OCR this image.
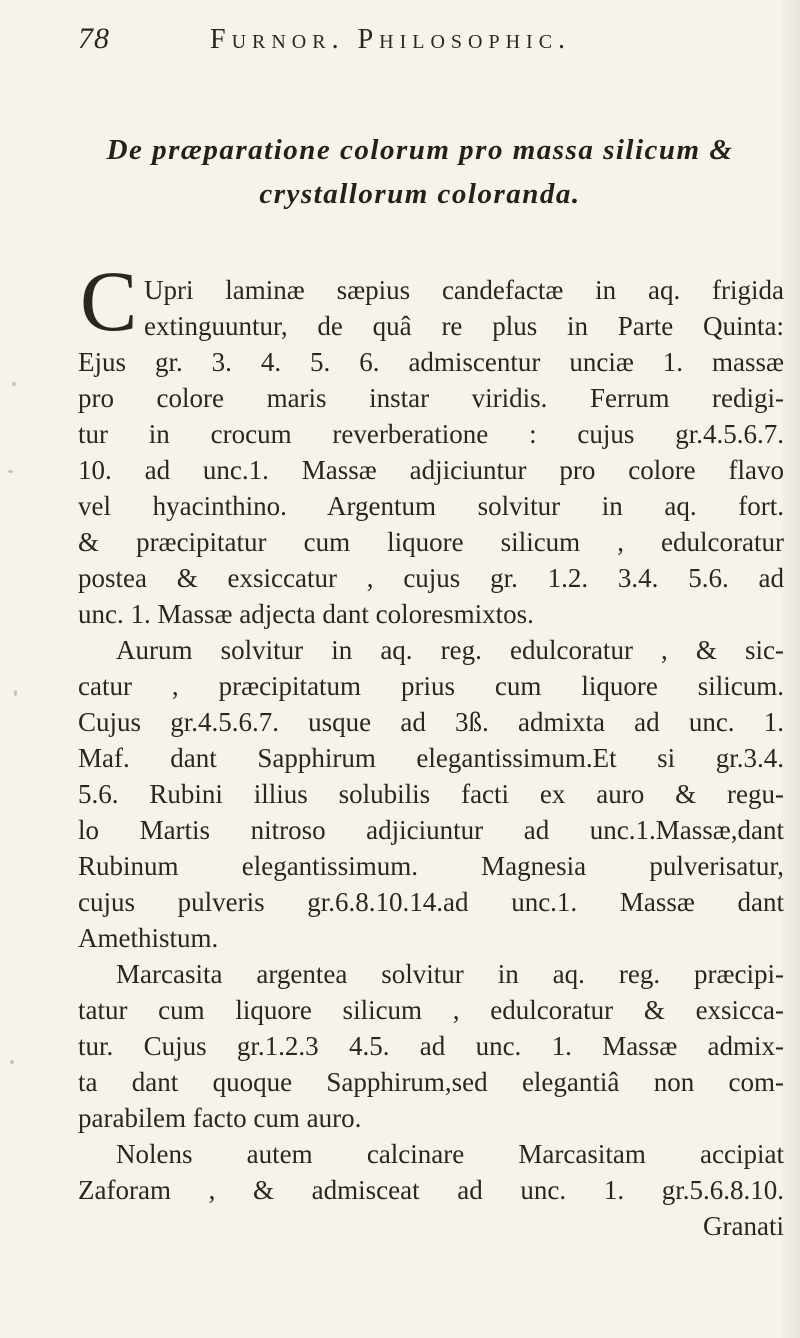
78	Furnor. Philosophic.
De præparatione colorum pro massa silicum &
crystallorum coloranda.
C Upri laminæ sæpius candefactæ in aq. frigida
extinguuntur, de quâ re plus in Parte Quinta:
Ejus gr. 3. 4. 5. 6. admiscentur unciæ 1. massæ
pro colore maris instar viridis. Ferrum redigi-
tur in crocum reverberatione : cujus gr.4.5.6.7.
10. ad unc.1. Massæ adjiciuntur pro colore flavo
vel hyacinthino. Argentum solvitur in aq. fort.
& præcipitatur cum liquore silicum , edulcoratur
postea & exsiccatur , cujus gr. 1.2. 3.4. 5.6. ad
unc. 1. Massæ adjecta dant coloresmixtos.
Aurum solvitur in aq. reg. edulcoratur , & sic-
catur , præcipitatum prius cum liquore silicum.
Cujus gr.4.5.6.7. usque ad 3ß. admixta ad unc. 1.
Maf. dant Sapphirum elegantissimum.Et si gr.3.4.
5.6. Rubini illius solubilis facti ex auro & regu-
lo Martis nitroso adjiciuntur ad unc.1.Massæ,dant
Rubinum elegantissimum. Magnesia pulverisatur,
cujus pulveris gr.6.8.10.14.ad unc.1. Massæ dant
Amethistum.
Marcasita argentea solvitur in aq. reg. præcipi-
tatur cum liquore silicum , edulcoratur & exsicca-
tur. Cujus gr.1.2.3 4.5. ad unc. 1. Massæ admix-
ta dant quoque Sapphirum,sed elegantiâ non com-
parabilem facto cum auro.
Nolens autem calcinare Marcasitam accipiat
Zaforam , & admisceat ad unc. 1. gr.5.6.8.10.
Granati
